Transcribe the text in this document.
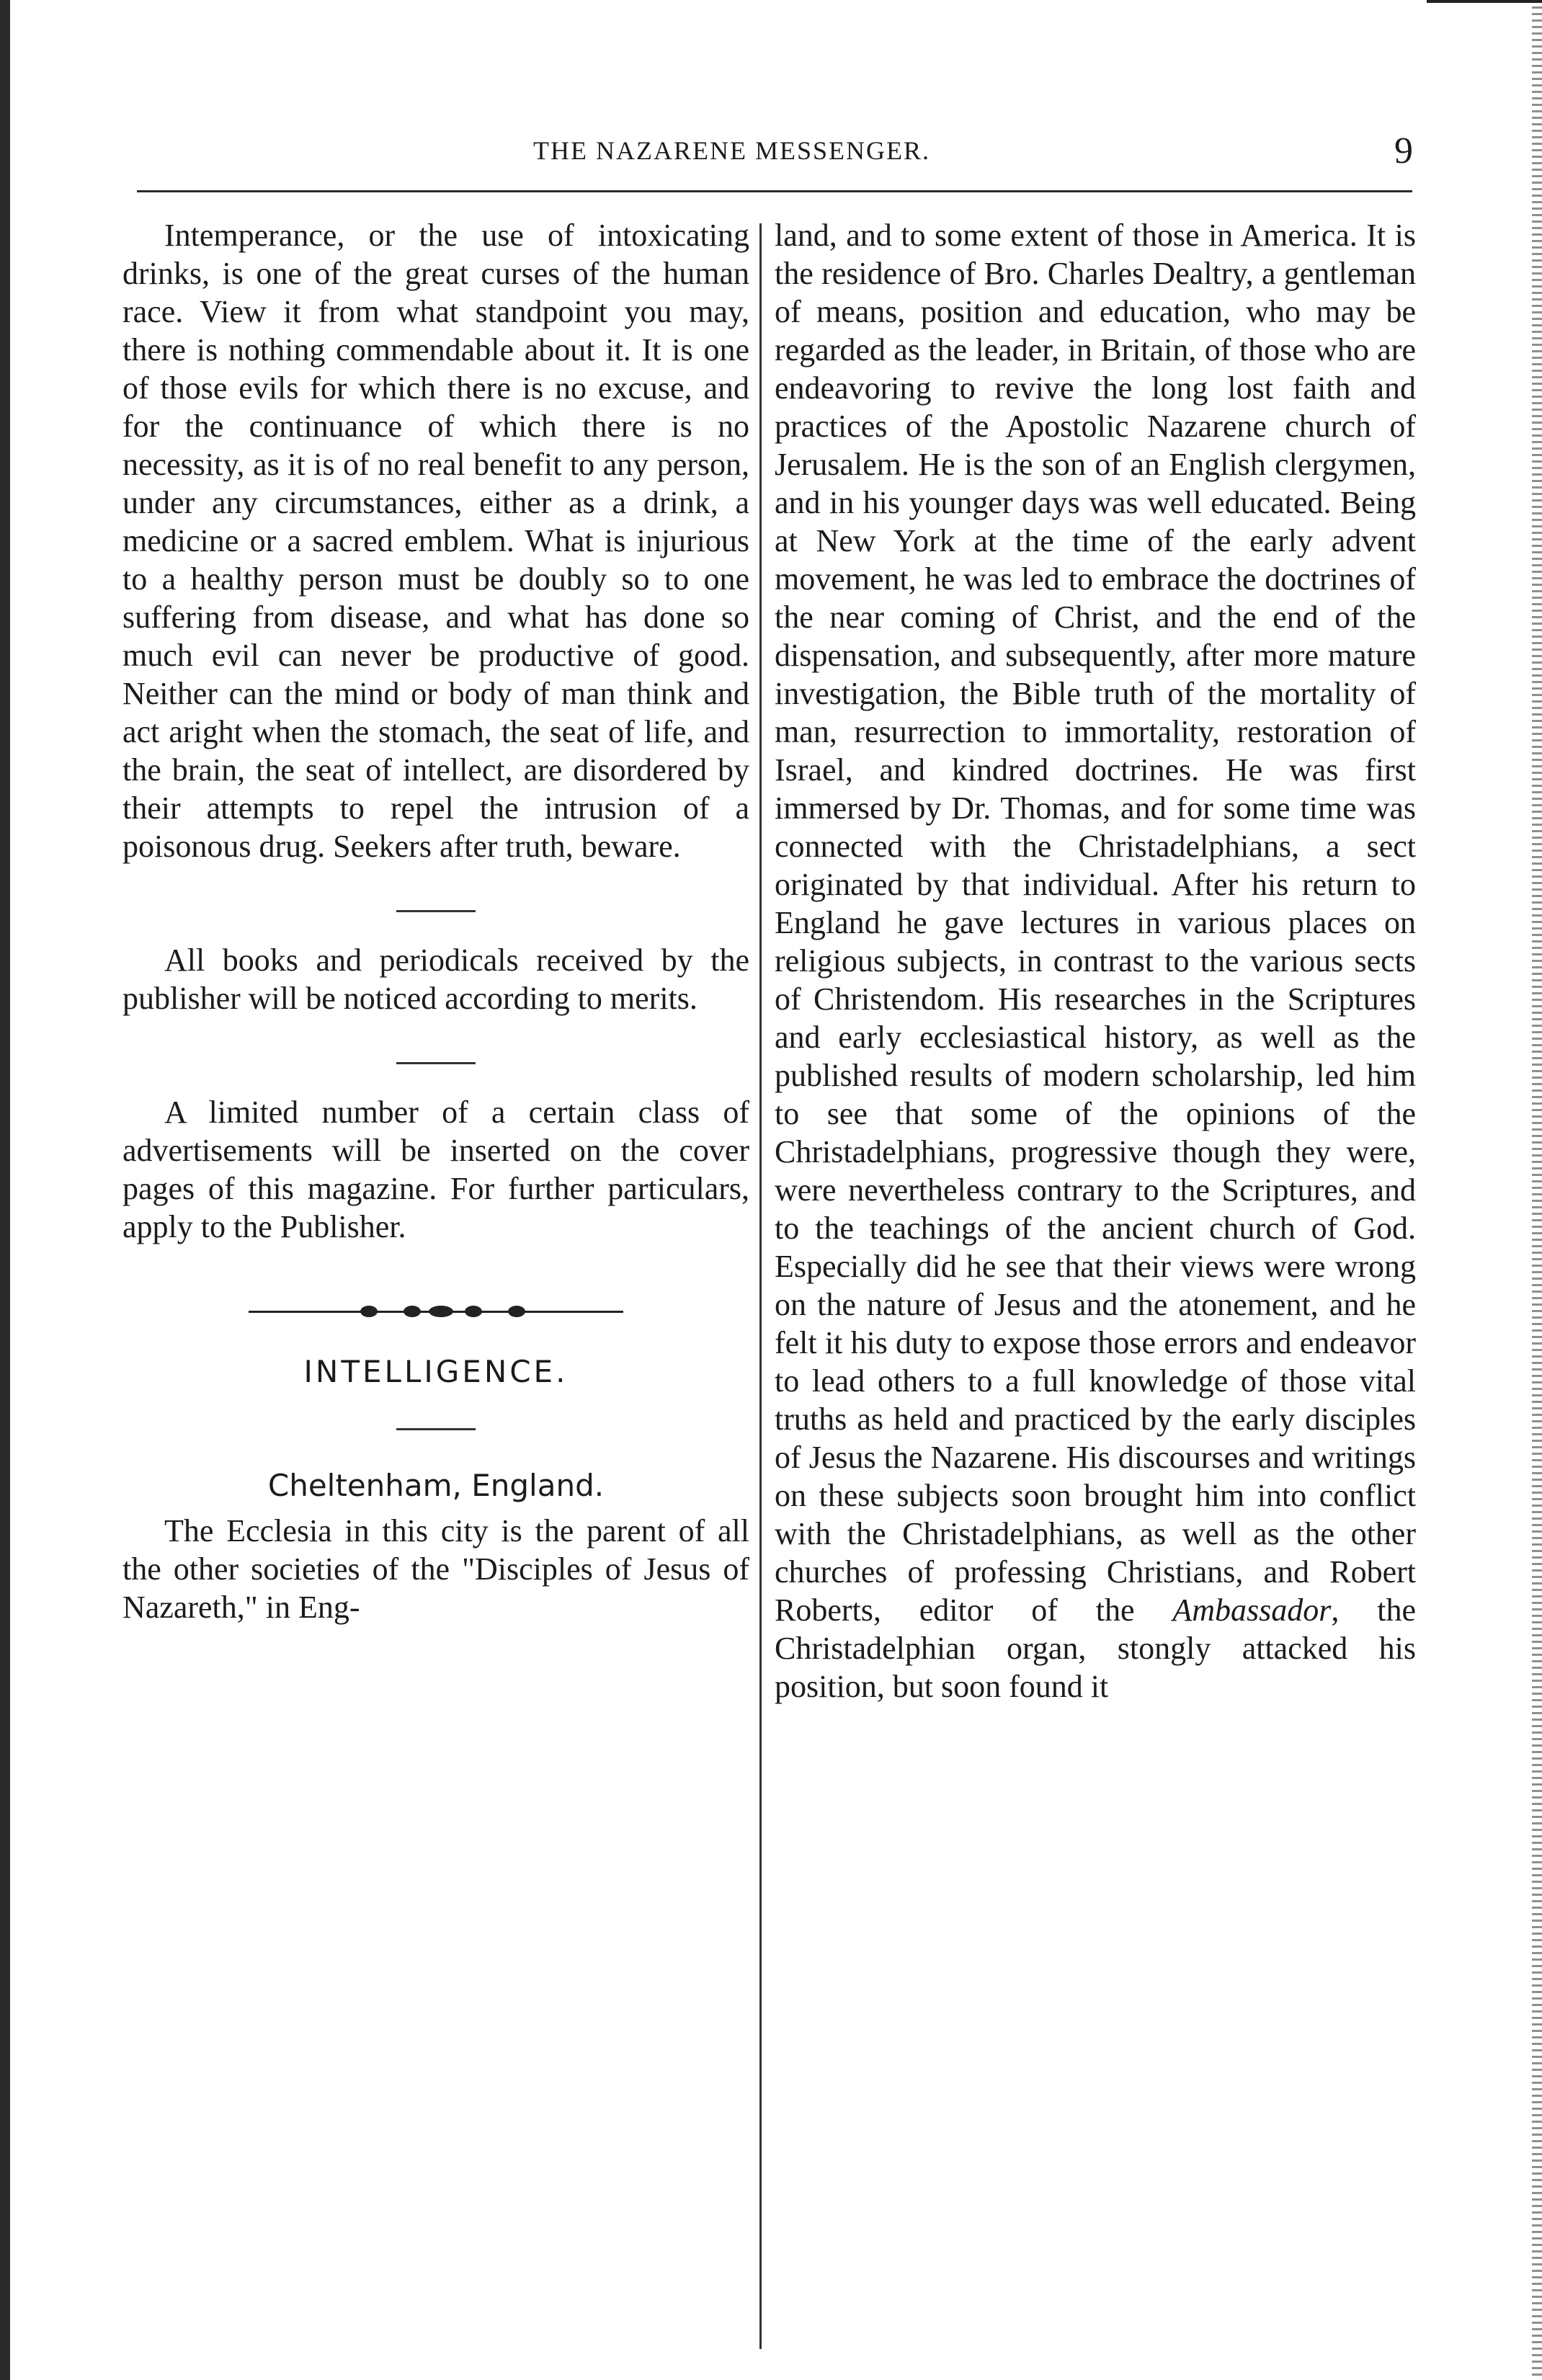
THE NAZARENE MESSENGER.	9

Intemperance, or the use of intoxicating drinks, is one of the great curses of the human race. View it from what standpoint you may, there is nothing commendable about it. It is one of those evils for which there is no excuse, and for the continuance of which there is no necessity, as it is of no real benefit to any person, under any circumstances, either as a drink, a medicine or a sacred emblem. What is injurious to a healthy person must be doubly so to one suffering from disease, and what has done so much evil can never be productive of good. Neither can the mind or body of man think and act aright when the stomach, the seat of life, and the brain, the seat of intellect, are disordered by their attempts to repel the intrusion of a poisonous drug. Seekers after truth, beware.

All books and periodicals received by the publisher will be noticed according to merits.

A limited number of a certain class of advertisements will be inserted on the cover pages of this magazine. For further particulars, apply to the Publisher.

INTELLIGENCE.

Cheltenham, England.

The Ecclesia in this city is the parent of all the other societies of the "Disciples of Jesus of Nazareth," in Eng-

land, and to some extent of those in America. It is the residence of Bro. Charles Dealtry, a gentleman of means, position and education, who may be regarded as the leader, in Britain, of those who are endeavoring to revive the long lost faith and practices of the Apostolic Nazarene church of Jerusalem. He is the son of an English clergymen, and in his younger days was well educated. Being at New York at the time of the early advent movement, he was led to embrace the doctrines of the near coming of Christ, and the end of the dispensation, and subsequently, after more mature investigation, the Bible truth of the mortality of man, resurrection to immortality, restoration of Israel, and kindred doctrines. He was first immersed by Dr. Thomas, and for some time was connected with the Christadelphians, a sect originated by that individual. After his return to England he gave lectures in various places on religious subjects, in contrast to the various sects of Christendom. His researches in the Scriptures and early ecclesiastical history, as well as the published results of modern scholarship, led him to see that some of the opinions of the Christadelphians, progressive though they were, were nevertheless contrary to the Scriptures, and to the teachings of the ancient church of God. Especially did he see that their views were wrong on the nature of Jesus and the atonement, and he felt it his duty to expose those errors and endeavor to lead others to a full knowledge of those vital truths as held and practiced by the early disciples of Jesus the Nazarene. His discourses and writings on these subjects soon brought him into conflict with the Christadelphians, as well as the other churches of professing Christians, and Robert Roberts, editor of the Ambassador, the Christadelphian organ, stongly attacked his position, but soon found it
